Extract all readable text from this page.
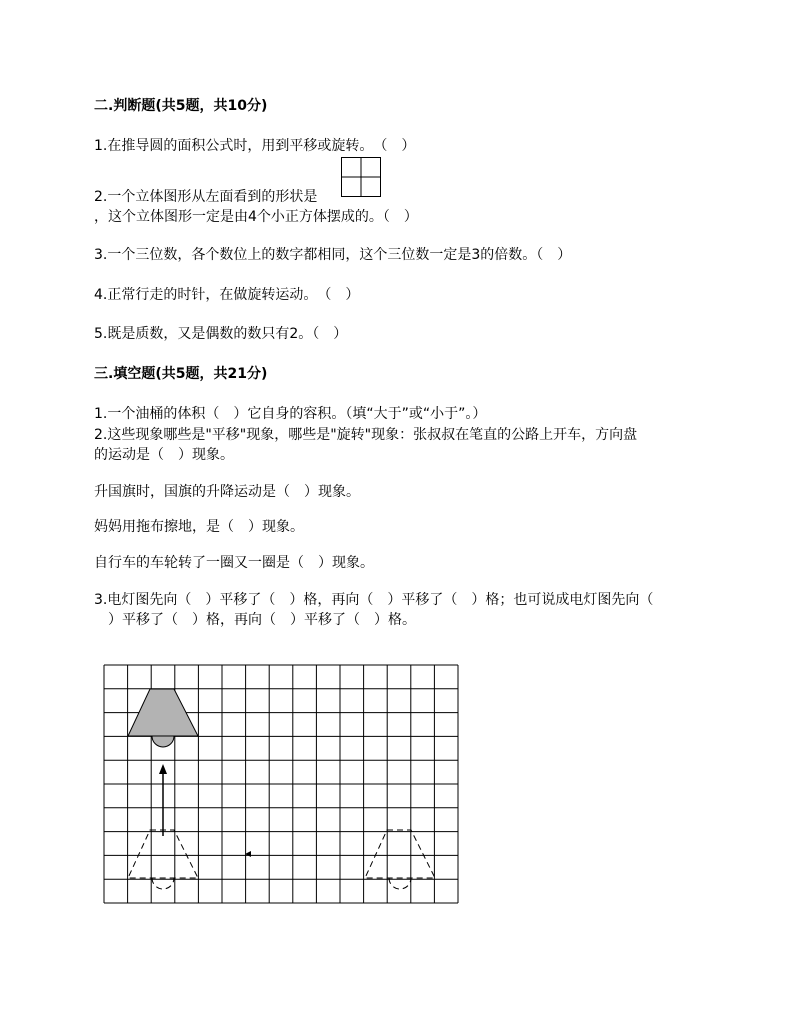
二.判断题(共5题，共10分)
1.在推导圆的面积公式时，用到平移或旋转。　（　）
2.一个立体图形从左面看到的形状是
，这个立体图形一定是由4个小正方体摆成的。（　）
3.一个三位数，各个数位上的数字都相同，这个三位数一定是3的倍数。（　）
4.正常行走的时针，在做旋转运动。　（　）
5.既是质数，又是偶数的数只有2。（　）
三.填空题(共5题，共21分)
1.一个油桶的体积（　）它自身的容积。（填“大于”或“小于”。）
2.这些现象哪些是"平移"现象，哪些是"旋转"现象：张叔叔在笔直的公路上开车，方向盘
的运动是（　）现象。
升国旗时，国旗的升降运动是（　）现象。
妈妈用拖布擦地，是（　）现象。
自行车的车轮转了一圈又一圈是（　）现象。
3.电灯图先向（　）平移了（　）格，再向（　）平移了（　）格；也可说成电灯图先向（
　）平移了（　）格，再向（　）平移了（　）格。
